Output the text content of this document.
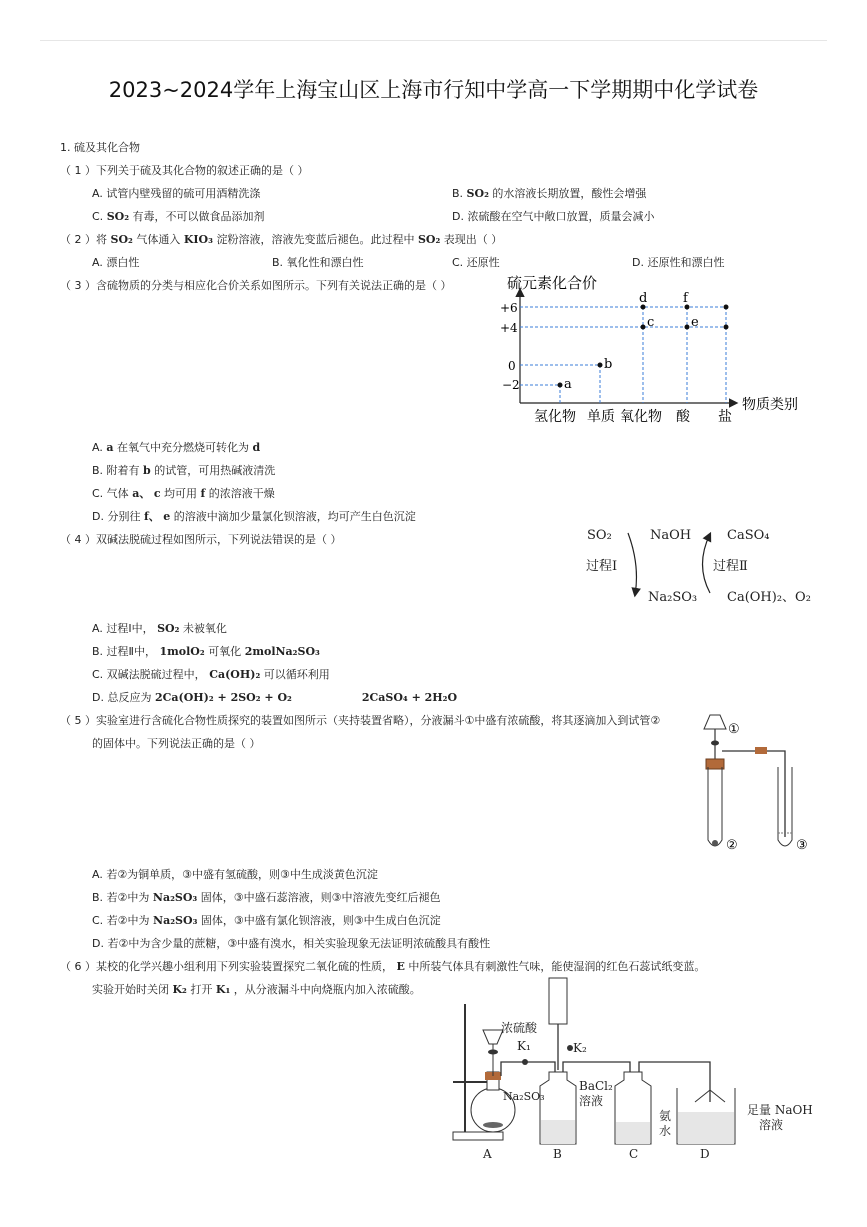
2023~2024学年上海宝山区上海市行知中学高一下学期期中化学试卷
1. 硫及其化合物
（ 1 ）下列关于硫及其化合物的叙述正确的是（ ）
A. 试管内壁残留的硫可用酒精洗涤	B. SO₂ 的水溶液长期放置，酸性会增强
C. SO₂ 有毒，不可以做食品添加剂	D. 浓硫酸在空气中敞口放置，质量会减小
（ 2 ）将 SO₂ 气体通入 KIO₃ 淀粉溶液，溶液先变蓝后褪色。此过程中 SO₂ 表现出（ ）
A. 漂白性	B. 氧化性和漂白性	C. 还原性	D. 还原性和漂白性
（ 3 ）含硫物质的分类与相应化合价关系如图所示。下列有关说法正确的是（ ）	硫元素化合价
物质类别
+6
+4
0
−2	a
b
c
d
e
f
氢化物 单质 氧化物 酸 盐
A. a 在氧气中充分燃烧可转化为 d
B. 附着有 b 的试管，可用热碱液清洗
C. 气体 a、 c 均可用 f 的浓溶液干燥
D. 分别往 f、 e 的溶液中滴加少量氯化钡溶液，均可产生白色沉淀
（ 4 ）双碱法脱硫过程如图所示，下列说法错误的是（ ）	SO₂	NaOH	CaSO₄
过程Ⅰ	过程Ⅱ
Na₂SO₃ Ca(OH)₂、O₂
A. 过程Ⅰ中， SO₂ 未被氧化
B. 过程Ⅱ中， 1molO₂ 可氧化 2molNa₂SO₃
C. 双碱法脱硫过程中， Ca(OH)₂ 可以循环利用
D. 总反应为 2Ca(OH)₂ + 2SO₂ + O₂	2CaSO₄ + 2H₂O
（ 5 ）实验室进行含硫化合物性质探究的装置如图所示（夹持装置省略），分液漏斗①中盛有浓硫酸，将其逐滴加入到试管②
的固体中。下列说法正确的是（ ）
①
②	③
A. 若②为铜单质，③中盛有氢硫酸，则③中生成淡黄色沉淀
B. 若②中为 Na₂SO₃ 固体，③中盛石蕊溶液，则③中溶液先变红后褪色
C. 若②中为 Na₂SO₃ 固体，③中盛有氯化钡溶液，则③中生成白色沉淀
D. 若②中为含少量的蔗糖，③中盛有溴水，相关实验现象无法证明浓硫酸具有酸性
（ 6 ）某校的化学兴趣小组利用下列实验装置探究二氧化硫的性质， E 中所装气体具有刺激性气味，能使湿润的红色石蕊试纸变蓝。
实验开始时关闭 K₂ 打开 K₁ ，从分液漏斗中向烧瓶内加入浓硫酸。
浓硫酸
K₁	K₂
Na₂SO₃
BaCl₂
溶液
氨
水
足量 NaOH
溶液
A	B	C	D
